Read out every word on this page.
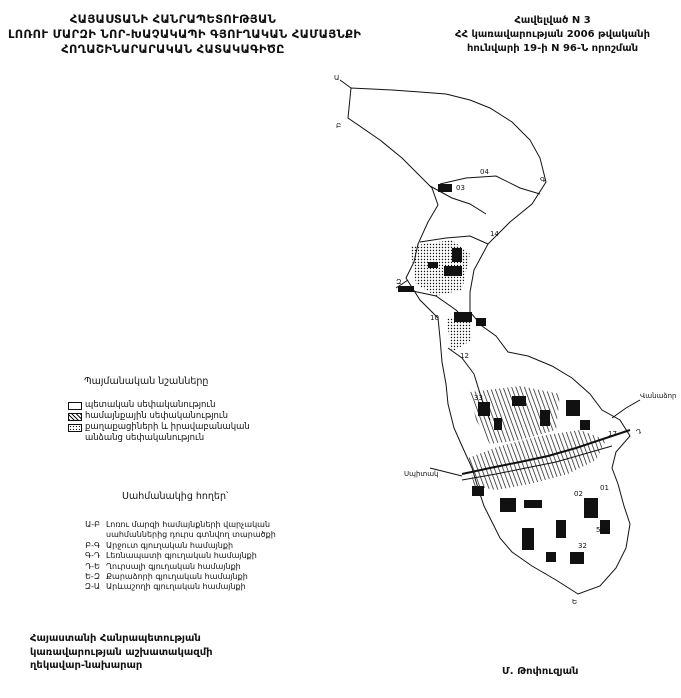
ՀԱՅԱՍՏԱՆԻ ՀԱՆՐԱՊԵՏՈՒԹՅԱՆ
ԼՈՌՈՒ ՄԱՐԶԻ ՆՈՐ-ԽԱՉԱԿԱՊԻ ԳՅՈՒՂԱԿԱՆ ՀԱՄԱՅՆՔԻ
ՀՈՂԱՇԻՆԱՐԱՐԱԿԱՆ ՀԱՏԱԿԱԳԻԾԸ
Հավելված N 3
ՀՀ կառավարության 2006 թվականի
հունվարի 19-ի N 96-Ն որոշման
Ա
Բ
Գ
Դ
Ե
Զ
04
03
14
12
02
01
05
17
10
33
52
32
Վանաձոր
Սպիտակ
Պայմանական նշանները
պետական սեփականություն
համայնքային սեփականություն
քաղաքացիների և իրավաբանական
անձանց սեփականություն
Սահմանակից հողեր՝
Ա-Բ Լոռու մարզի համայնքների վարչական
սահմաններից դուրս գտնվող տարածքի
Բ-Գ Արջուտ գյուղական համայնքի
Գ-Դ Լեռնապատի գյուղական համայնքի
Դ-Ե Ղուրսալի գյուղական համայնքի
Ե-Զ Քարաձորի գյուղական համայնքի
Զ-Ա Արևաշողի գյուղական համայնքի
Հայաստանի Հանրապետության
կառավարության աշխատակազմի
ղեկավար-նախարար
Մ. Թոփուզյան
